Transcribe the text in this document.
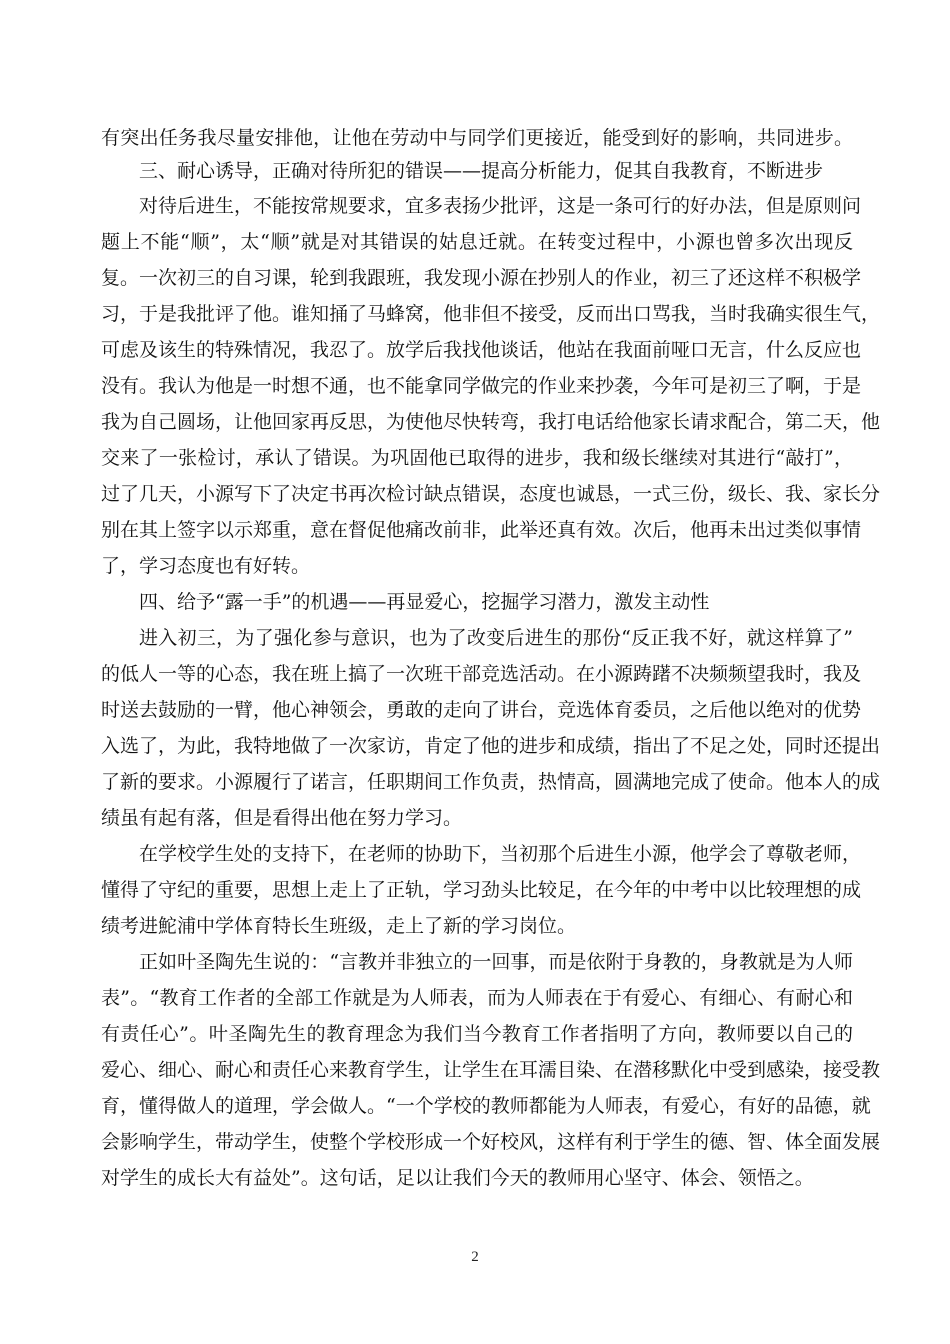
有突出任务我尽量安排他，让他在劳动中与同学们更接近，能受到好的影响，共同进步。
三、耐心诱导，正确对待所犯的错误——提高分析能力，促其自我教育，不断进步
对待后进生，不能按常规要求，宜多表扬少批评，这是一条可行的好办法，但是原则问
题上不能“顺”，太“顺”就是对其错误的姑息迁就。在转变过程中，小源也曾多次出现反
复。一次初三的自习课，轮到我跟班，我发现小源在抄别人的作业，初三了还这样不积极学
习，于是我批评了他。谁知捅了马蜂窝，他非但不接受，反而出口骂我，当时我确实很生气，
可虑及该生的特殊情况，我忍了。放学后我找他谈话，他站在我面前哑口无言，什么反应也
没有。我认为他是一时想不通，也不能拿同学做完的作业来抄袭，今年可是初三了啊，于是
我为自己圆场，让他回家再反思，为使他尽快转弯，我打电话给他家长请求配合，第二天，他
交来了一张检讨，承认了错误。为巩固他已取得的进步，我和级长继续对其进行“敲打”，
过了几天，小源写下了决定书再次检讨缺点错误，态度也诚恳，一式三份，级长、我、家长分
别在其上签字以示郑重，意在督促他痛改前非，此举还真有效。次后，他再未出过类似事情
了，学习态度也有好转。
四、给予“露一手”的机遇——再显爱心，挖掘学习潜力，激发主动性
进入初三，为了强化参与意识，也为了改变后进生的那份“反正我不好，就这样算了”
的低人一等的心态，我在班上搞了一次班干部竞选活动。在小源踌躇不决频频望我时，我及
时送去鼓励的一臂，他心神领会，勇敢的走向了讲台，竞选体育委员，之后他以绝对的优势
入选了，为此，我特地做了一次家访，肯定了他的进步和成绩，指出了不足之处，同时还提出
了新的要求。小源履行了诺言，任职期间工作负责，热情高，圆满地完成了使命。他本人的成
绩虽有起有落，但是看得出他在努力学习。
在学校学生处的支持下，在老师的协助下，当初那个后进生小源，他学会了尊敬老师，
懂得了守纪的重要，思想上走上了正轨，学习劲头比较足，在今年的中考中以比较理想的成
绩考进鮀浦中学体育特长生班级，走上了新的学习岗位。
正如叶圣陶先生说的：“言教并非独立的一回事，而是依附于身教的，身教就是为人师
表”。“教育工作者的全部工作就是为人师表，而为人师表在于有爱心、有细心、有耐心和
有责任心”。叶圣陶先生的教育理念为我们当今教育工作者指明了方向，教师要以自己的
爱心、细心、耐心和责任心来教育学生，让学生在耳濡目染、在潜移默化中受到感染，接受教
育，懂得做人的道理，学会做人。“一个学校的教师都能为人师表，有爱心，有好的品德，就
会影响学生，带动学生，使整个学校形成一个好校风，这样有利于学生的德、智、体全面发展
对学生的成长大有益处”。这句话，足以让我们今天的教师用心坚守、体会、领悟之。
2
